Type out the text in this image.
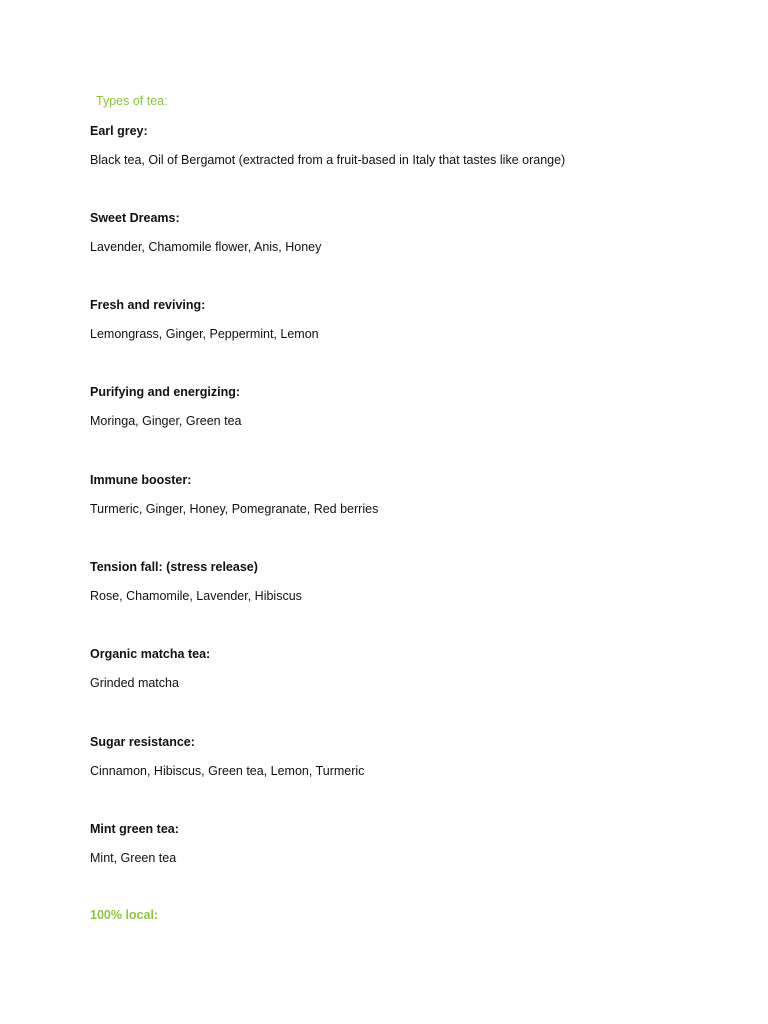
Types of tea:
Earl grey:
Black tea, Oil of Bergamot (extracted from a fruit-based in Italy that tastes like orange)
Sweet Dreams:
Lavender, Chamomile flower, Anis, Honey
Fresh and reviving:
Lemongrass, Ginger, Peppermint, Lemon
Purifying and energizing:
Moringa, Ginger, Green tea
Immune booster:
Turmeric, Ginger, Honey, Pomegranate, Red berries
Tension fall: (stress release)
Rose, Chamomile, Lavender, Hibiscus
Organic matcha tea:
Grinded matcha
Sugar resistance:
Cinnamon, Hibiscus, Green tea, Lemon, Turmeric
Mint green tea:
Mint, Green tea
100% local:
